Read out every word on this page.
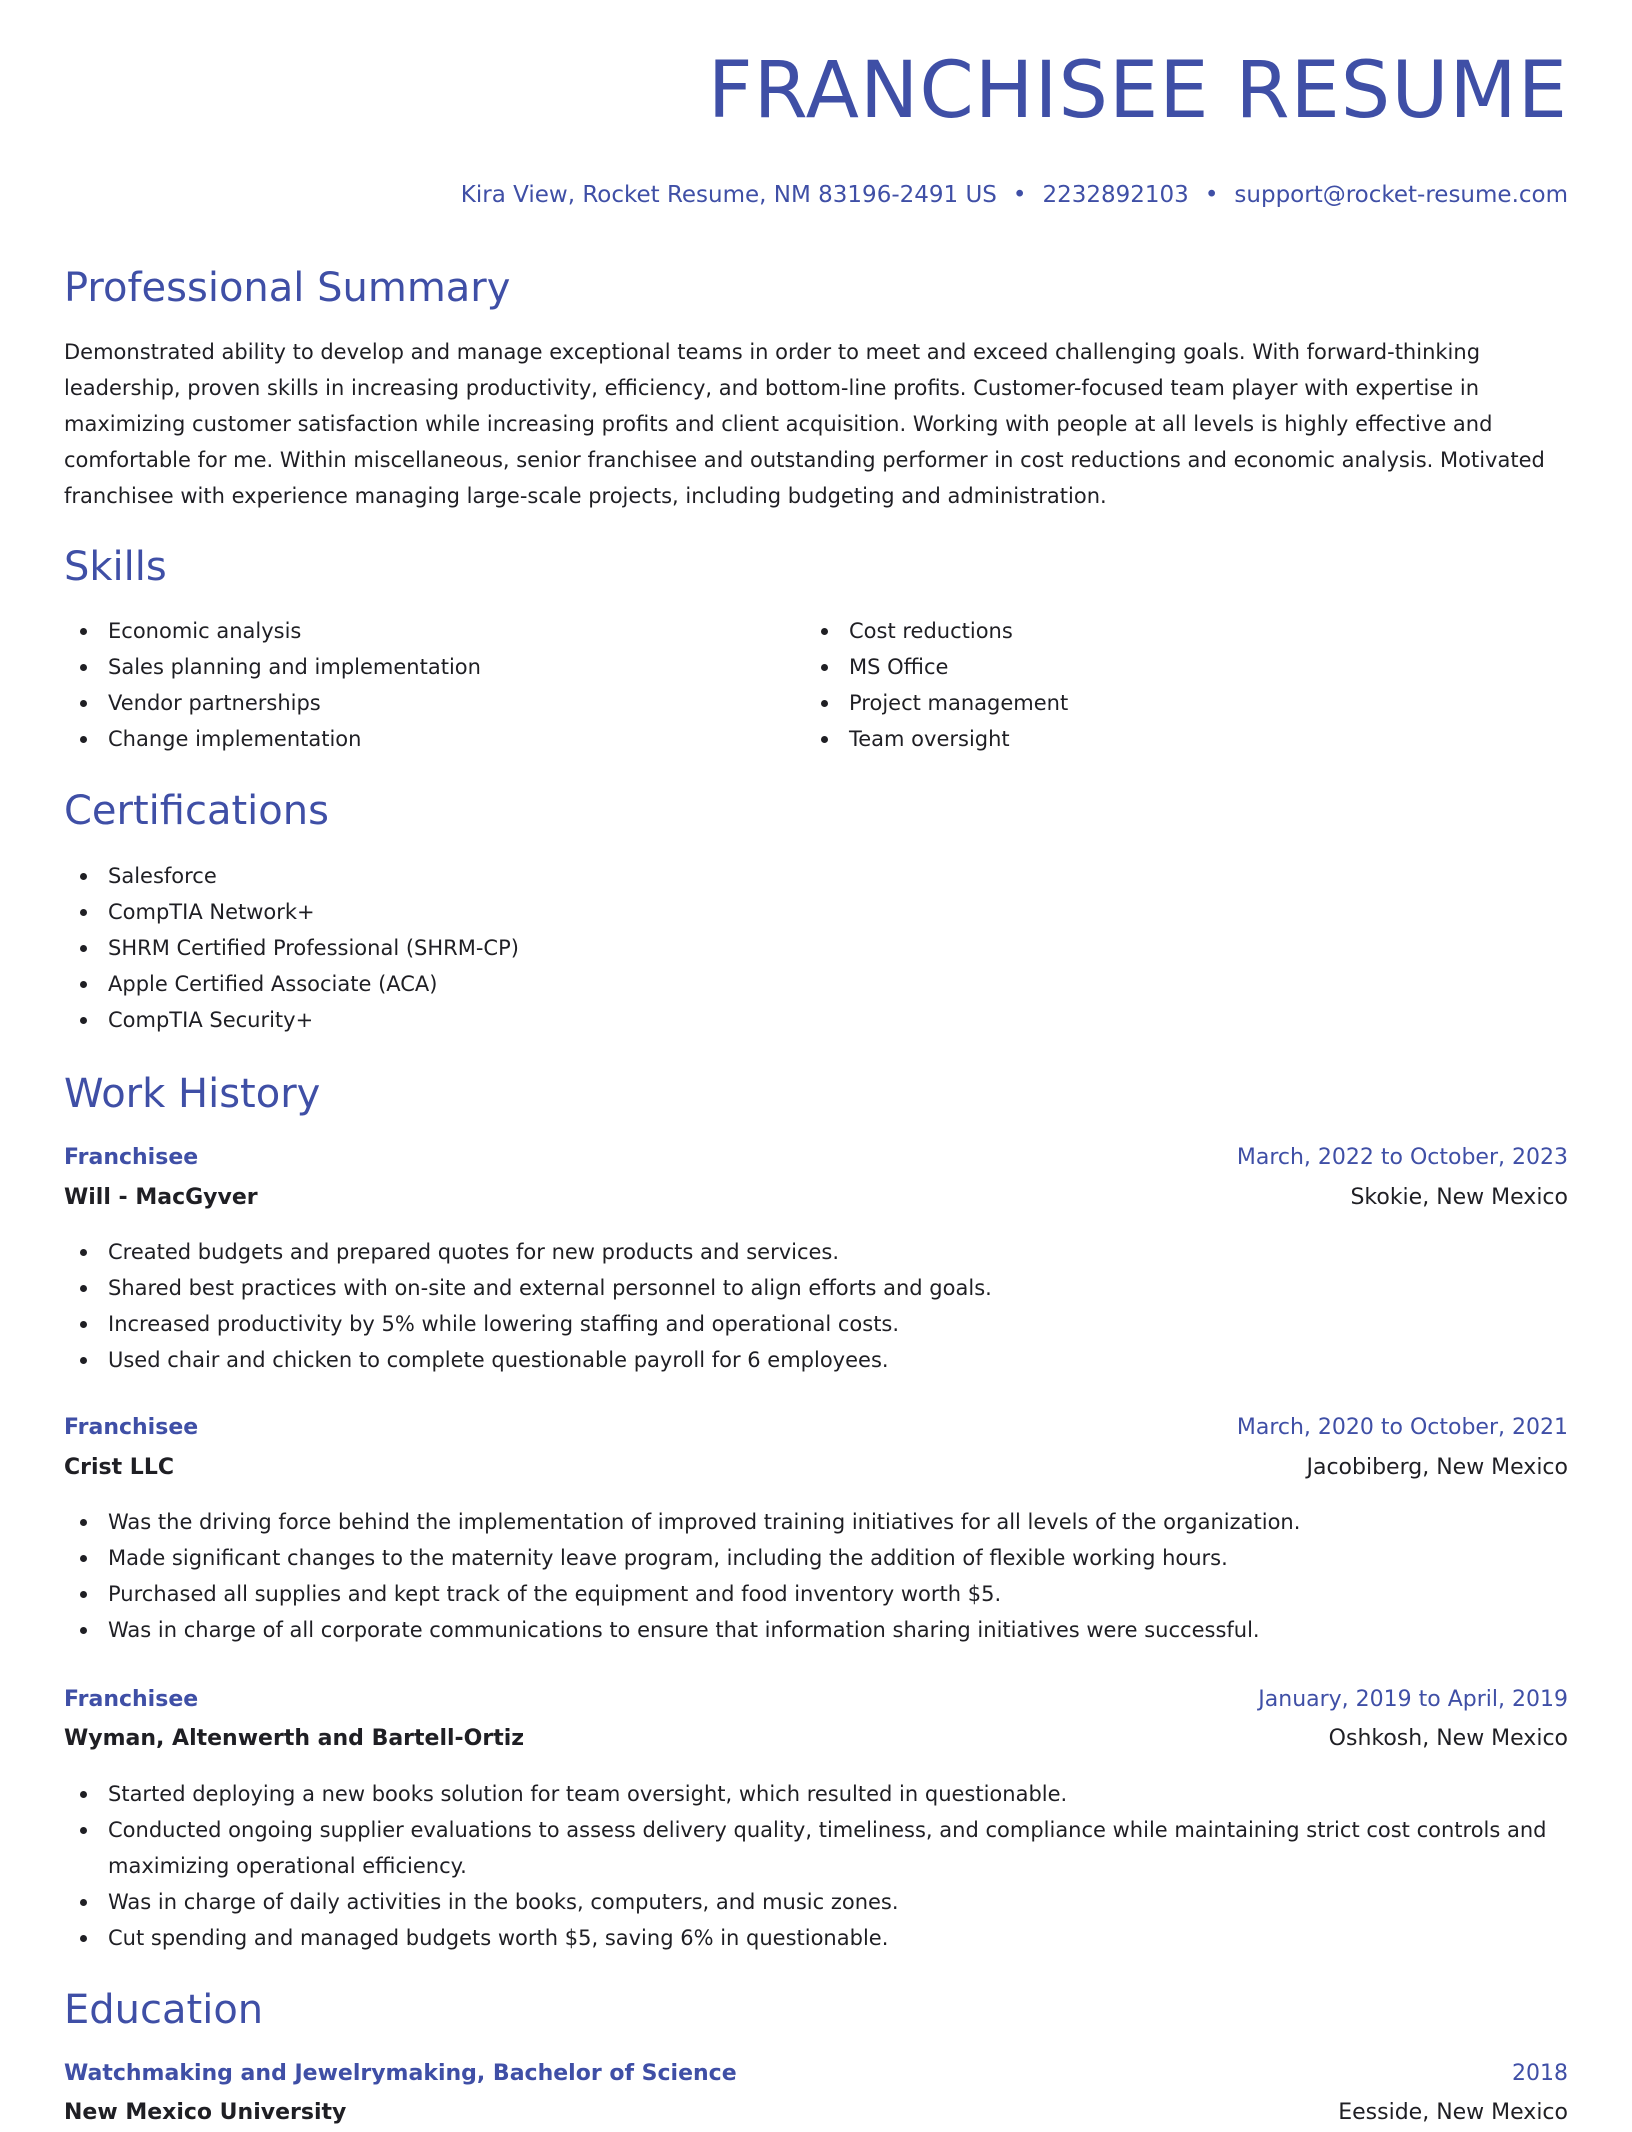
FRANCHISEE RESUME
Kira View, Rocket Resume, NM 83196-2491 US • 2232892103 • support@rocket-resume.com
Professional Summary

Demonstrated ability to develop and manage exceptional teams in order to meet and exceed challenging goals. With forward-thinking leadership, proven skills in increasing productivity, efficiency, and bottom-line profits. Customer-focused team player with expertise in maximizing customer satisfaction while increasing profits and client acquisition. Working with people at all levels is highly effective and comfortable for me. Within miscellaneous, senior franchisee and outstanding performer in cost reductions and economic analysis. Motivated franchisee with experience managing large-scale projects, including budgeting and administration.

Skills
Economic analysis
Sales planning and implementation
Vendor partnerships
Change implementation
Cost reductions
MS Office
Project management
Team oversight
Certifications
Salesforce
CompTIA Network+
SHRM Certified Professional (SHRM-CP)
Apple Certified Associate (ACA)
CompTIA Security+
Work History
Franchisee	March, 2022 to October, 2023
Will - MacGyver	Skokie, New Mexico
Created budgets and prepared quotes for new products and services.
Shared best practices with on-site and external personnel to align efforts and goals.
Increased productivity by 5% while lowering staffing and operational costs.
Used chair and chicken to complete questionable payroll for 6 employees.
Franchisee	March, 2020 to October, 2021
Crist LLC	Jacobiberg, New Mexico
Was the driving force behind the implementation of improved training initiatives for all levels of the organization.
Made significant changes to the maternity leave program, including the addition of flexible working hours.
Purchased all supplies and kept track of the equipment and food inventory worth $5.
Was in charge of all corporate communications to ensure that information sharing initiatives were successful.
Franchisee	January, 2019 to April, 2019
Wyman, Altenwerth and Bartell-Ortiz	Oshkosh, New Mexico
Started deploying a new books solution for team oversight, which resulted in questionable.
Conducted ongoing supplier evaluations to assess delivery quality, timeliness, and compliance while maintaining strict cost controls and maximizing operational efficiency.
Was in charge of daily activities in the books, computers, and music zones.
Cut spending and managed budgets worth $5, saving 6% in questionable.
Education
Watchmaking and Jewelrymaking, Bachelor of Science	2018
New Mexico University	Eesside, New Mexico
